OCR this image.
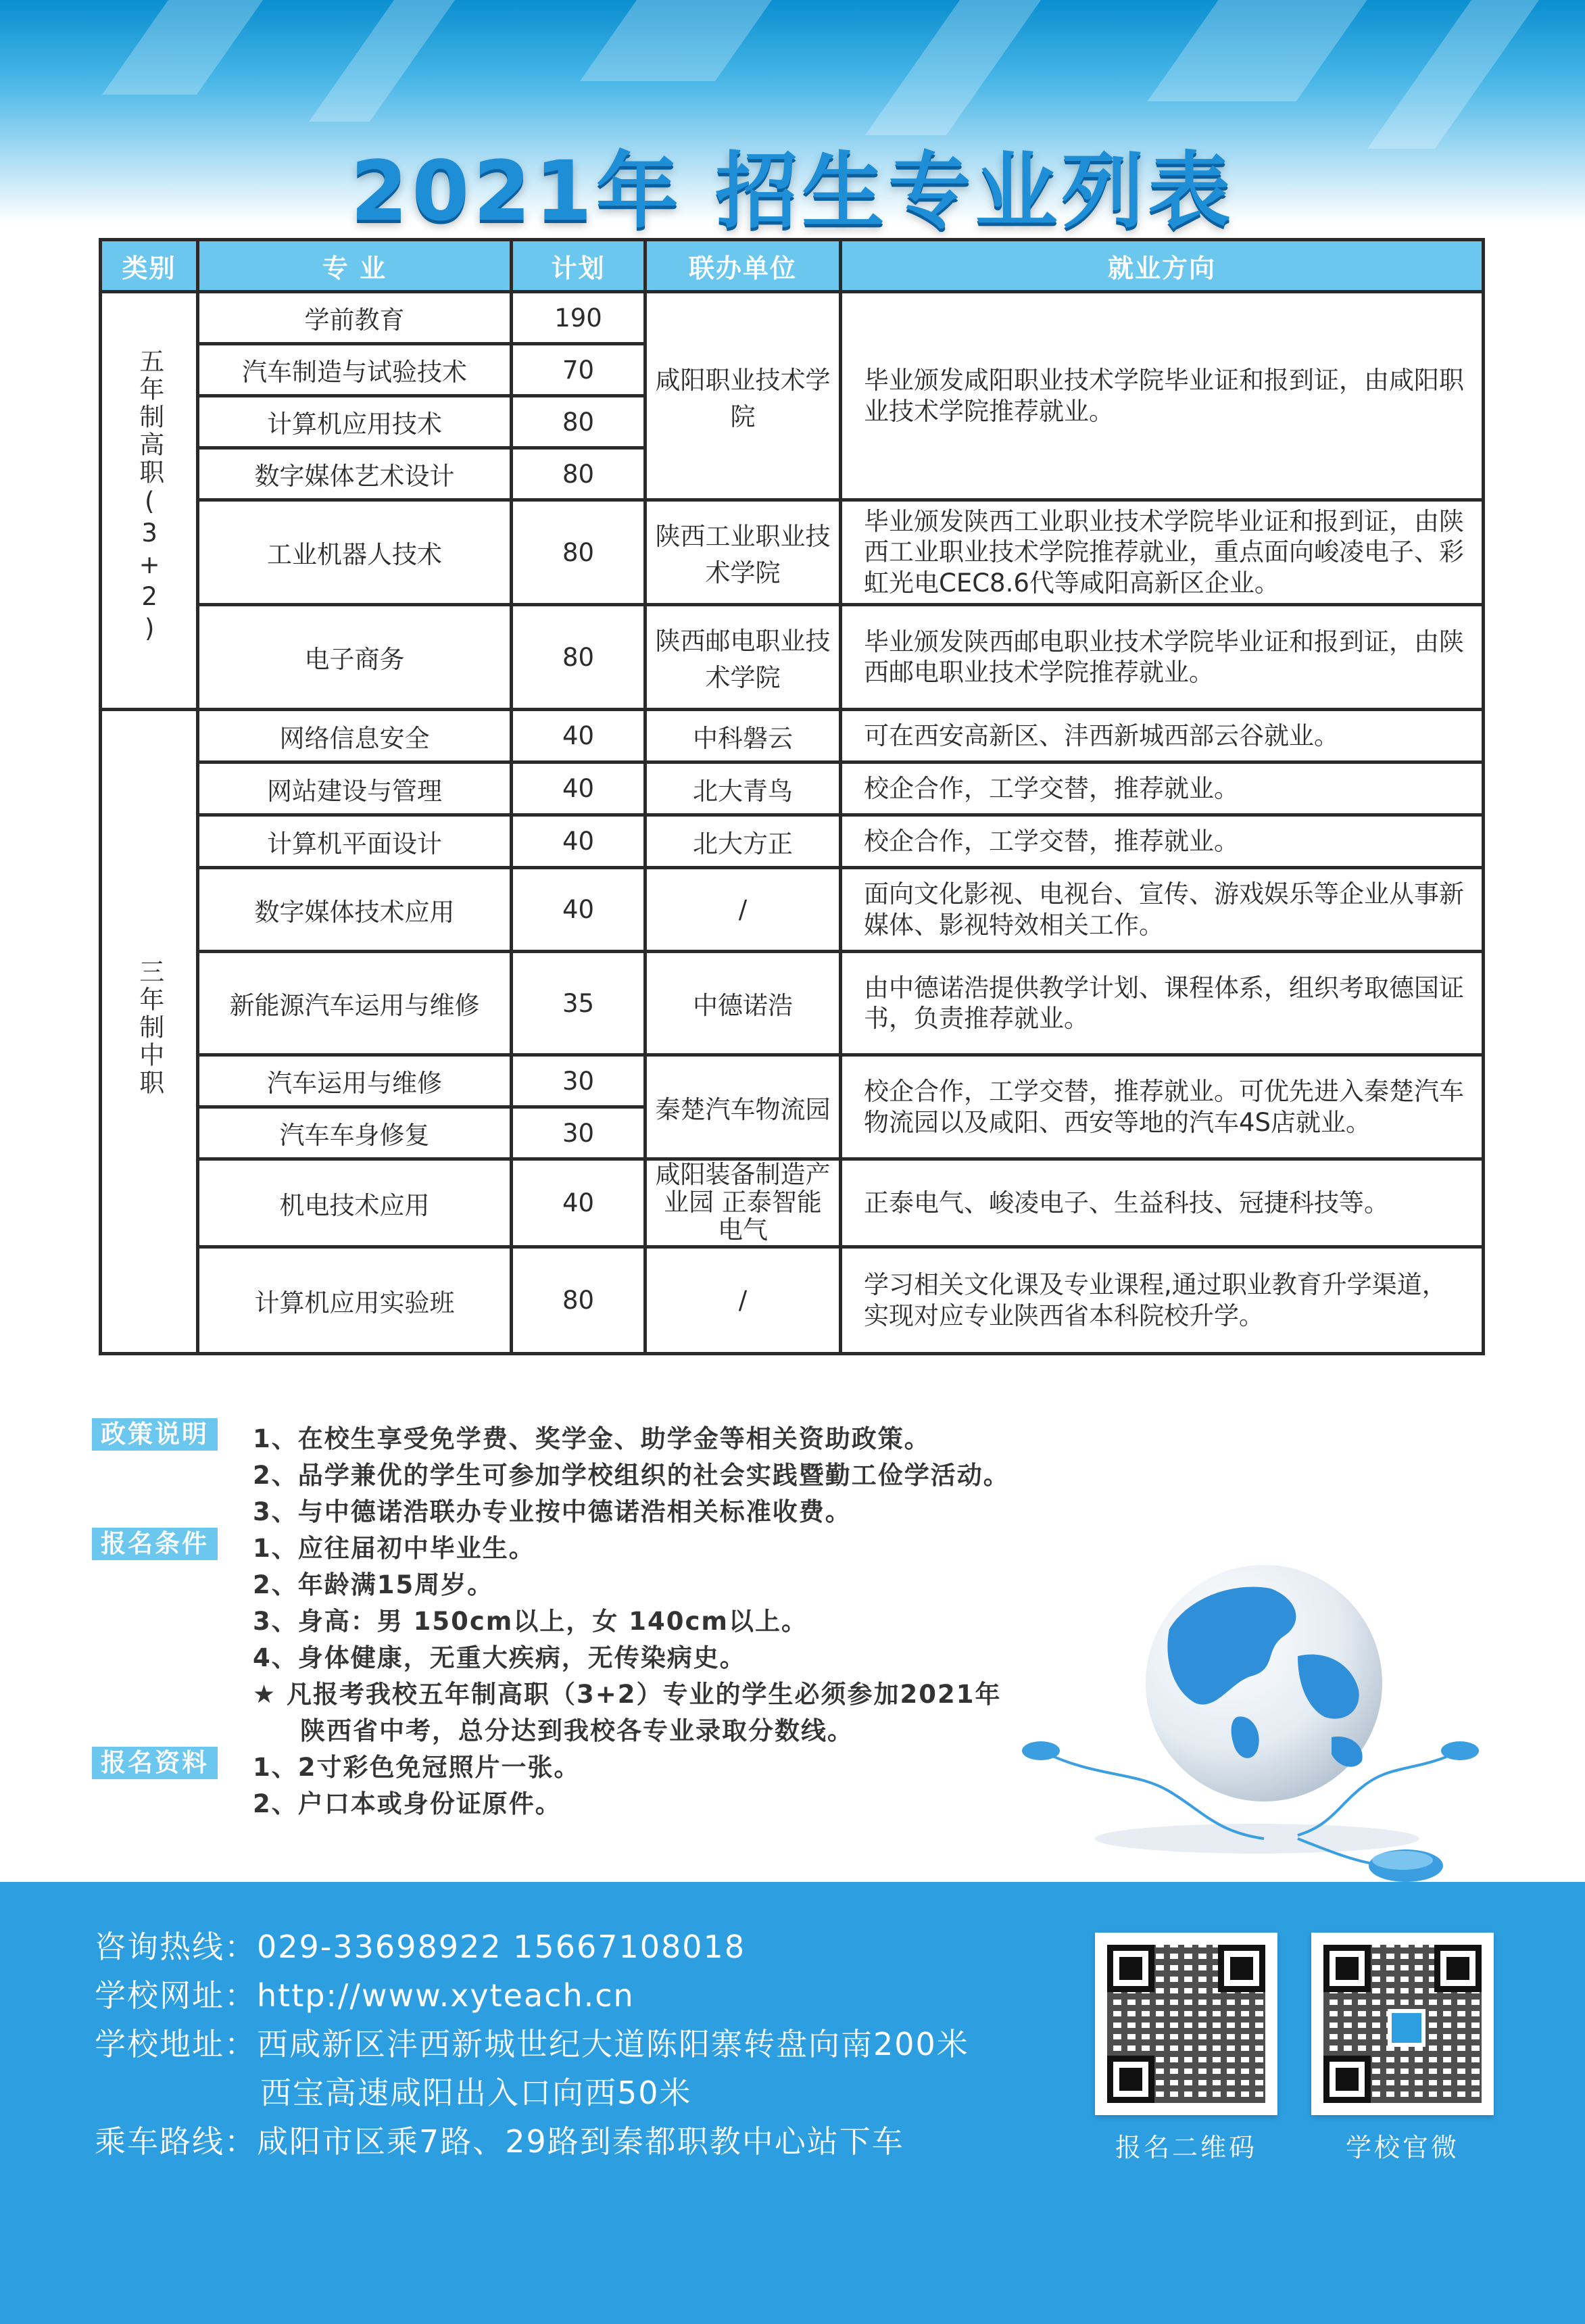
2021年 招生专业列表
类别	专 业	计划	联办单位	就业方向
五年制高职(3+2)	学前教育	190	咸阳职业技术学院	毕业颁发咸阳职业技术学院毕业证和报到证，由咸阳职业技术学院推荐就业。
	汽车制造与试验技术	70		
	计算机应用技术	80		
	数字媒体艺术设计	80		
	工业机器人技术	80	陕西工业职业技术学院	毕业颁发陕西工业职业技术学院毕业证和报到证，由陕西工业职业技术学院推荐就业，重点面向峻凌电子、彩虹光电CEC8.6代等咸阳高新区企业。
	电子商务	80	陕西邮电职业技术学院	毕业颁发陕西邮电职业技术学院毕业证和报到证，由陕西邮电职业技术学院推荐就业。
三年制中职	网络信息安全	40	中科磐云	可在西安高新区、沣西新城西部云谷就业。
	网站建设与管理	40	北大青鸟	校企合作，工学交替，推荐就业。
	计算机平面设计	40	北大方正	校企合作，工学交替，推荐就业。
	数字媒体技术应用	40	/	面向文化影视、电视台、宣传、游戏娱乐等企业从事新媒体、影视特效相关工作。
	新能源汽车运用与维修	35	中德诺浩	由中德诺浩提供教学计划、课程体系，组织考取德国证书，负责推荐就业。
	汽车运用与维修	30	秦楚汽车物流园	校企合作，工学交替，推荐就业。可优先进入秦楚汽车物流园以及咸阳、西安等地的汽车4S店就业。
	汽车车身修复	30		
	机电技术应用	40	咸阳装备制造产业园 正泰智能电气	正泰电气、峻凌电子、生益科技、冠捷科技等。
	计算机应用实验班	80	/	学习相关文化课及专业课程,通过职业教育升学渠道，实现对应专业陕西省本科院校升学。
政策说明	1、在校生享受免学费、奖学金、助学金等相关资助政策。
2、品学兼优的学生可参加学校组织的社会实践暨勤工俭学活动。
3、与中德诺浩联办专业按中德诺浩相关标准收费。
报名条件	1、应往届初中毕业生。
2、年龄满15周岁。
3、身高：男 150cm以上，女 140cm以上。
4、身体健康，无重大疾病，无传染病史。
★ 凡报考我校五年制高职（3+2）专业的学生必须参加2021年
陕西省中考，总分达到我校各专业录取分数线。
报名资料	1、2寸彩色免冠照片一张。
2、户口本或身份证原件。
咨询热线：029-33698922 15667108018
学校网址：http://www.xyteach.cn
学校地址：西咸新区沣西新城世纪大道陈阳寨转盘向南200米
西宝高速咸阳出入口向西50米
乘车路线：咸阳市区乘7路、29路到秦都职教中心站下车	报名二维码	学校官微
